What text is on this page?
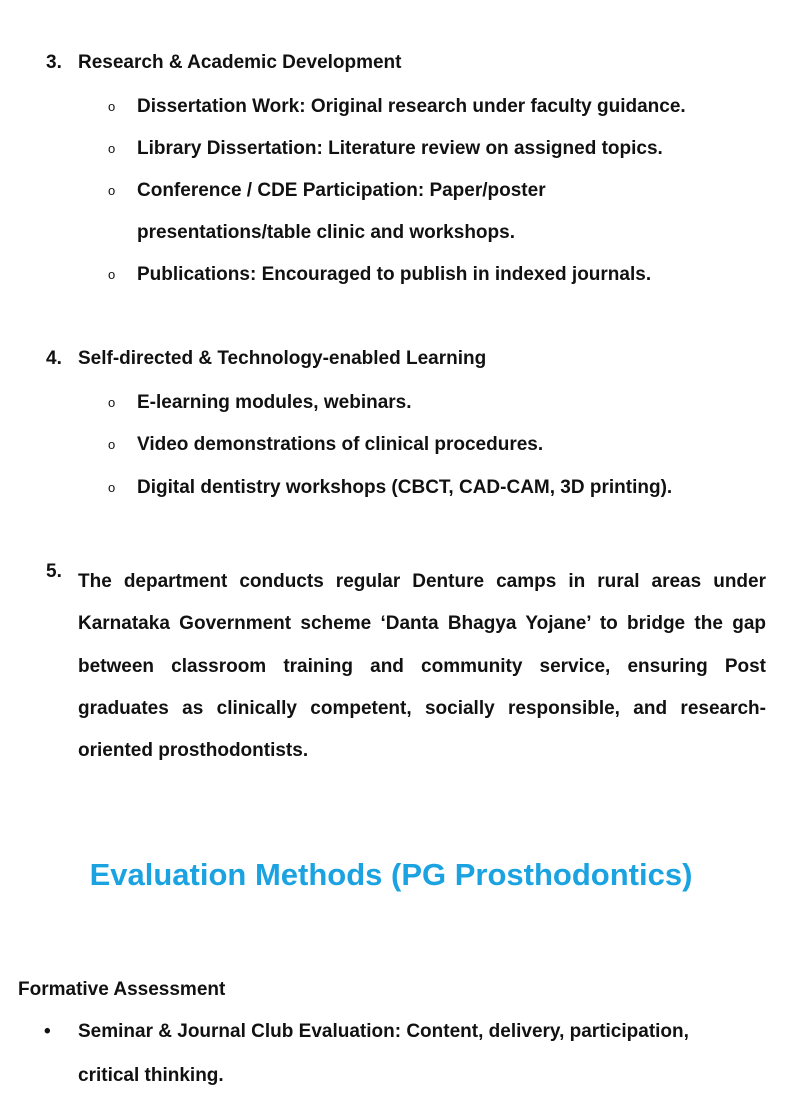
3. Research & Academic Development
o Dissertation Work: Original research under faculty guidance.
o Library Dissertation: Literature review on assigned topics.
o Conference / CDE Participation: Paper/poster
presentations/table clinic and workshops.
o Publications: Encouraged to publish in indexed journals.
4. Self-directed & Technology-enabled Learning
o E-learning modules, webinars.
o Video demonstrations of clinical procedures.
o Digital dentistry workshops (CBCT, CAD-CAM, 3D printing).
5. The department conducts regular Denture camps in rural areas under Karnataka Government scheme ‘Danta Bhagya Yojane’ to bridge the gap between classroom training and community service, ensuring Post graduates as clinically competent, socially responsible, and research-oriented prosthodontists.
Evaluation Methods (PG Prosthodontics)
Formative Assessment
• Seminar & Journal Club Evaluation: Content, delivery, participation,
critical thinking.
